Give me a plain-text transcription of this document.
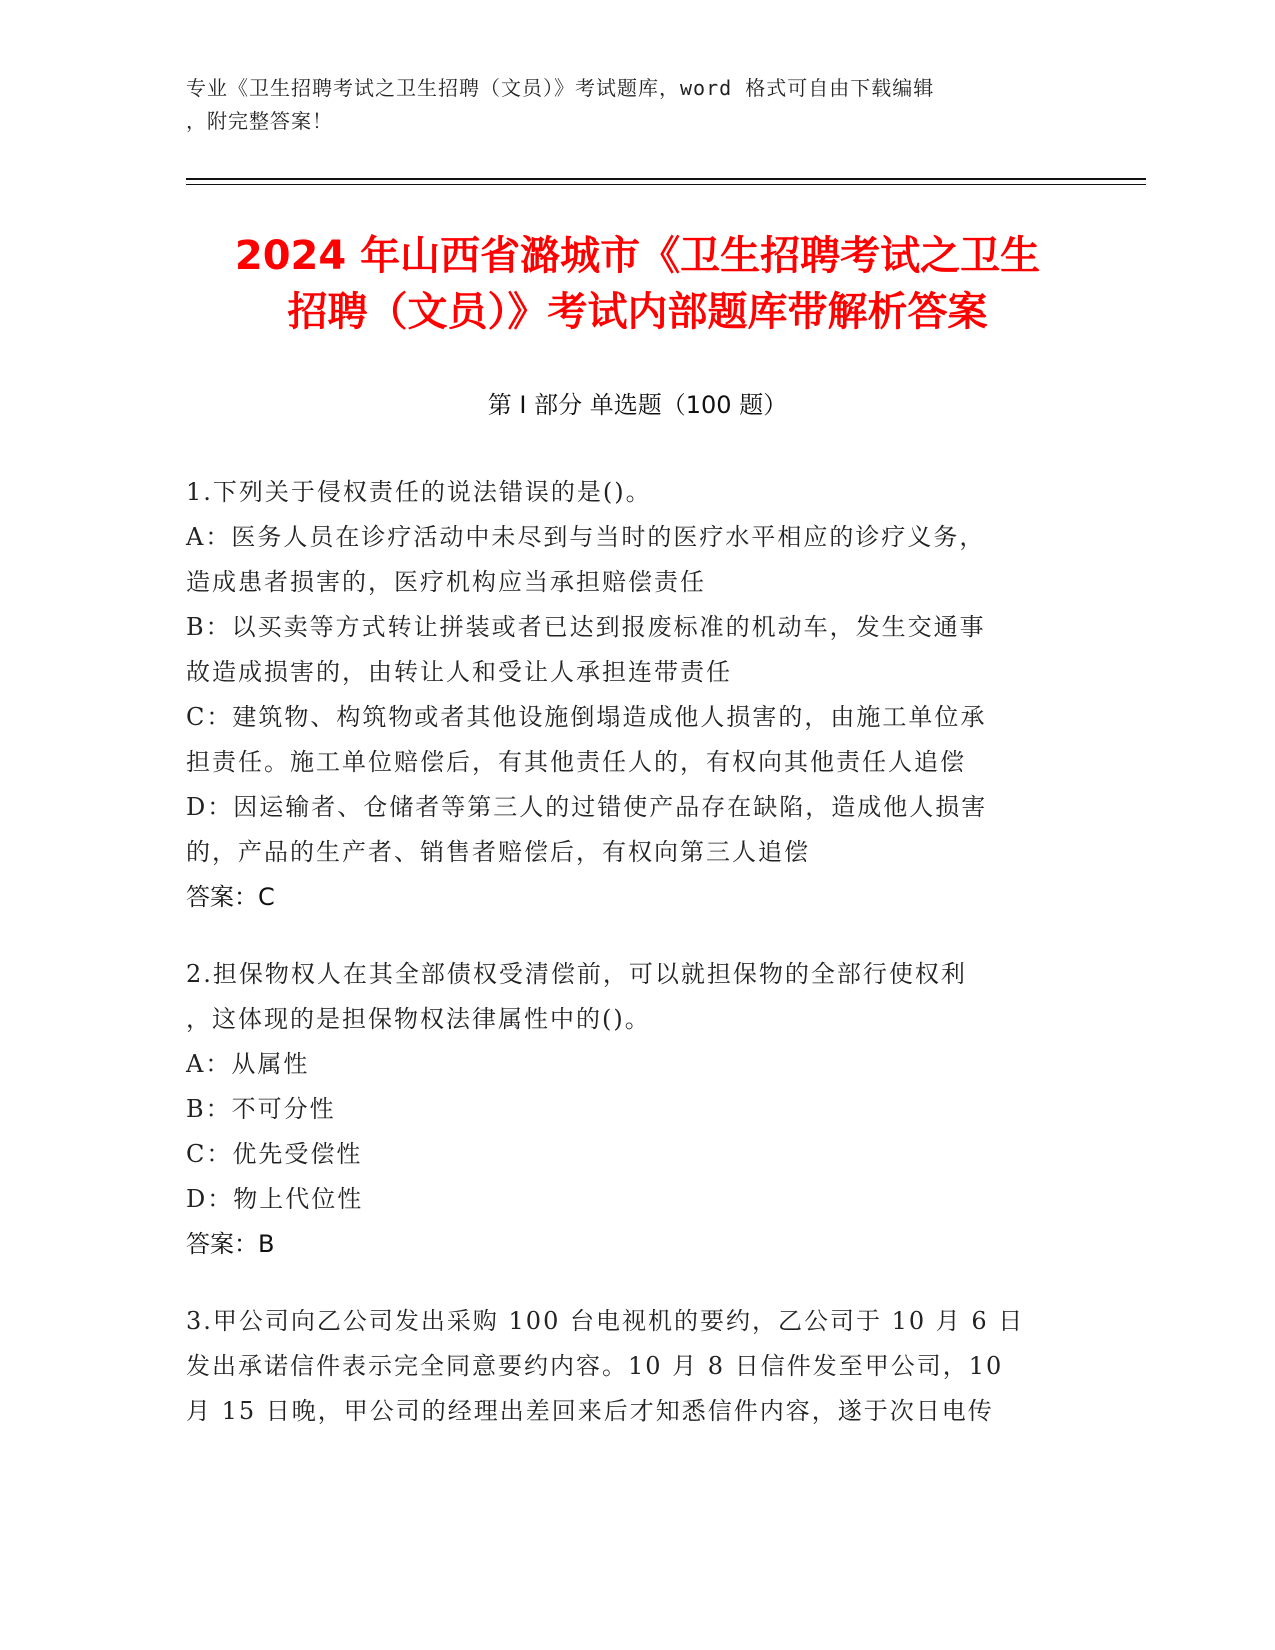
专业《卫生招聘考试之卫生招聘（文员）》考试题库，word 格式可自由下载编辑
，附完整答案！
2024 年山西省潞城市《卫生招聘考试之卫生
招聘（文员）》考试内部题库带解析答案
第 I 部分 单选题（100 题）
1.下列关于侵权责任的说法错误的是()。
A：医务人员在诊疗活动中未尽到与当时的医疗水平相应的诊疗义务，
造成患者损害的，医疗机构应当承担赔偿责任
B：以买卖等方式转让拼装或者已达到报废标准的机动车，发生交通事
故造成损害的，由转让人和受让人承担连带责任
C：建筑物、构筑物或者其他设施倒塌造成他人损害的，由施工单位承
担责任。施工单位赔偿后，有其他责任人的，有权向其他责任人追偿
D：因运输者、仓储者等第三人的过错使产品存在缺陷，造成他人损害
的，产品的生产者、销售者赔偿后，有权向第三人追偿
答案：C
2.担保物权人在其全部债权受清偿前，可以就担保物的全部行使权利
，这体现的是担保物权法律属性中的()。
A：从属性
B：不可分性
C：优先受偿性
D：物上代位性
答案：B
3.甲公司向乙公司发出采购 100 台电视机的要约，乙公司于 10 月 6 日
发出承诺信件表示完全同意要约内容。10 月 8 日信件发至甲公司，10
月 15 日晚，甲公司的经理出差回来后才知悉信件内容，遂于次日电传
